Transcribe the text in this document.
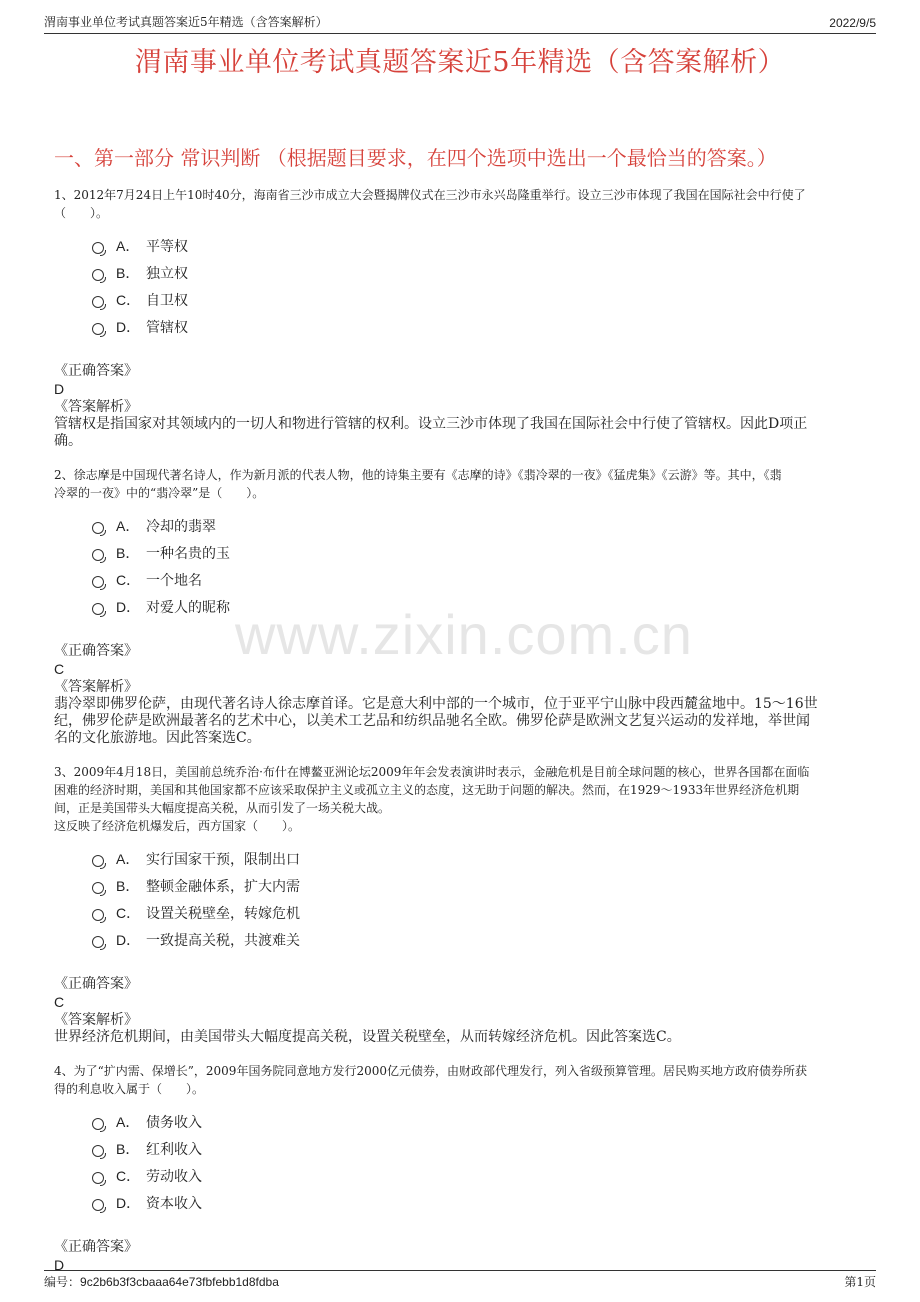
渭南事业单位考试真题答案近5年精选（含答案解析）	2022/9/5
渭南事业单位考试真题答案近5年精选（含答案解析）
一、第一部分 常识判断 （根据题目要求，在四个选项中选出一个最恰当的答案。）
www.zixin.com.cn

1、2012年7月24日上午10时40分，海南省三沙市成立大会暨揭牌仪式在三沙市永兴岛隆重举行。设立三沙市体现了我国在国际社会中行使了
（　　）。

A． 平等权
B． 独立权
C． 自卫权
D． 管辖权
《正确答案》
D
《答案解析》
管辖权是指国家对其领域内的一切人和物进行管辖的权利。设立三沙市体现了我国在国际社会中行使了管辖权。因此D项正
确。

2、徐志摩是中国现代著名诗人，作为新月派的代表人物，他的诗集主要有《志摩的诗》《翡冷翠的一夜》《猛虎集》《云游》等。其中，《翡
冷翠的一夜》中的“翡冷翠”是（　　）。

A． 冷却的翡翠
B． 一种名贵的玉
C． 一个地名
D． 对爱人的昵称
《正确答案》
C
《答案解析》
翡冷翠即佛罗伦萨，由现代著名诗人徐志摩首译。它是意大利中部的一个城市，位于亚平宁山脉中段西麓盆地中。15～16世
纪，佛罗伦萨是欧洲最著名的艺术中心，以美术工艺品和纺织品驰名全欧。佛罗伦萨是欧洲文艺复兴运动的发祥地，举世闻
名的文化旅游地。因此答案选C。

3、2009年4月18日，美国前总统乔治·布什在博鳌亚洲论坛2009年年会发表演讲时表示，金融危机是目前全球问题的核心，世界各国都在面临
困难的经济时期，美国和其他国家都不应该采取保护主义或孤立主义的态度，这无助于问题的解决。然而，在1929～1933年世界经济危机期
间，正是美国带头大幅度提高关税，从而引发了一场关税大战。
这反映了经济危机爆发后，西方国家（　　）。

A． 实行国家干预，限制出口
B． 整顿金融体系，扩大内需
C． 设置关税壁垒，转嫁危机
D． 一致提高关税，共渡难关
《正确答案》
C
《答案解析》
世界经济危机期间，由美国带头大幅度提高关税，设置关税壁垒，从而转嫁经济危机。因此答案选C。

4、为了“扩内需、保增长”，2009年国务院同意地方发行2000亿元债券，由财政部代理发行，列入省级预算管理。居民购买地方政府债券所获
得的利息收入属于（　　）。

A． 债务收入
B． 红利收入
C． 劳动收入
D． 资本收入
《正确答案》
D
编号：9c2b6b3f3cbaaa64e73fbfebb1d8fdba	第1页
